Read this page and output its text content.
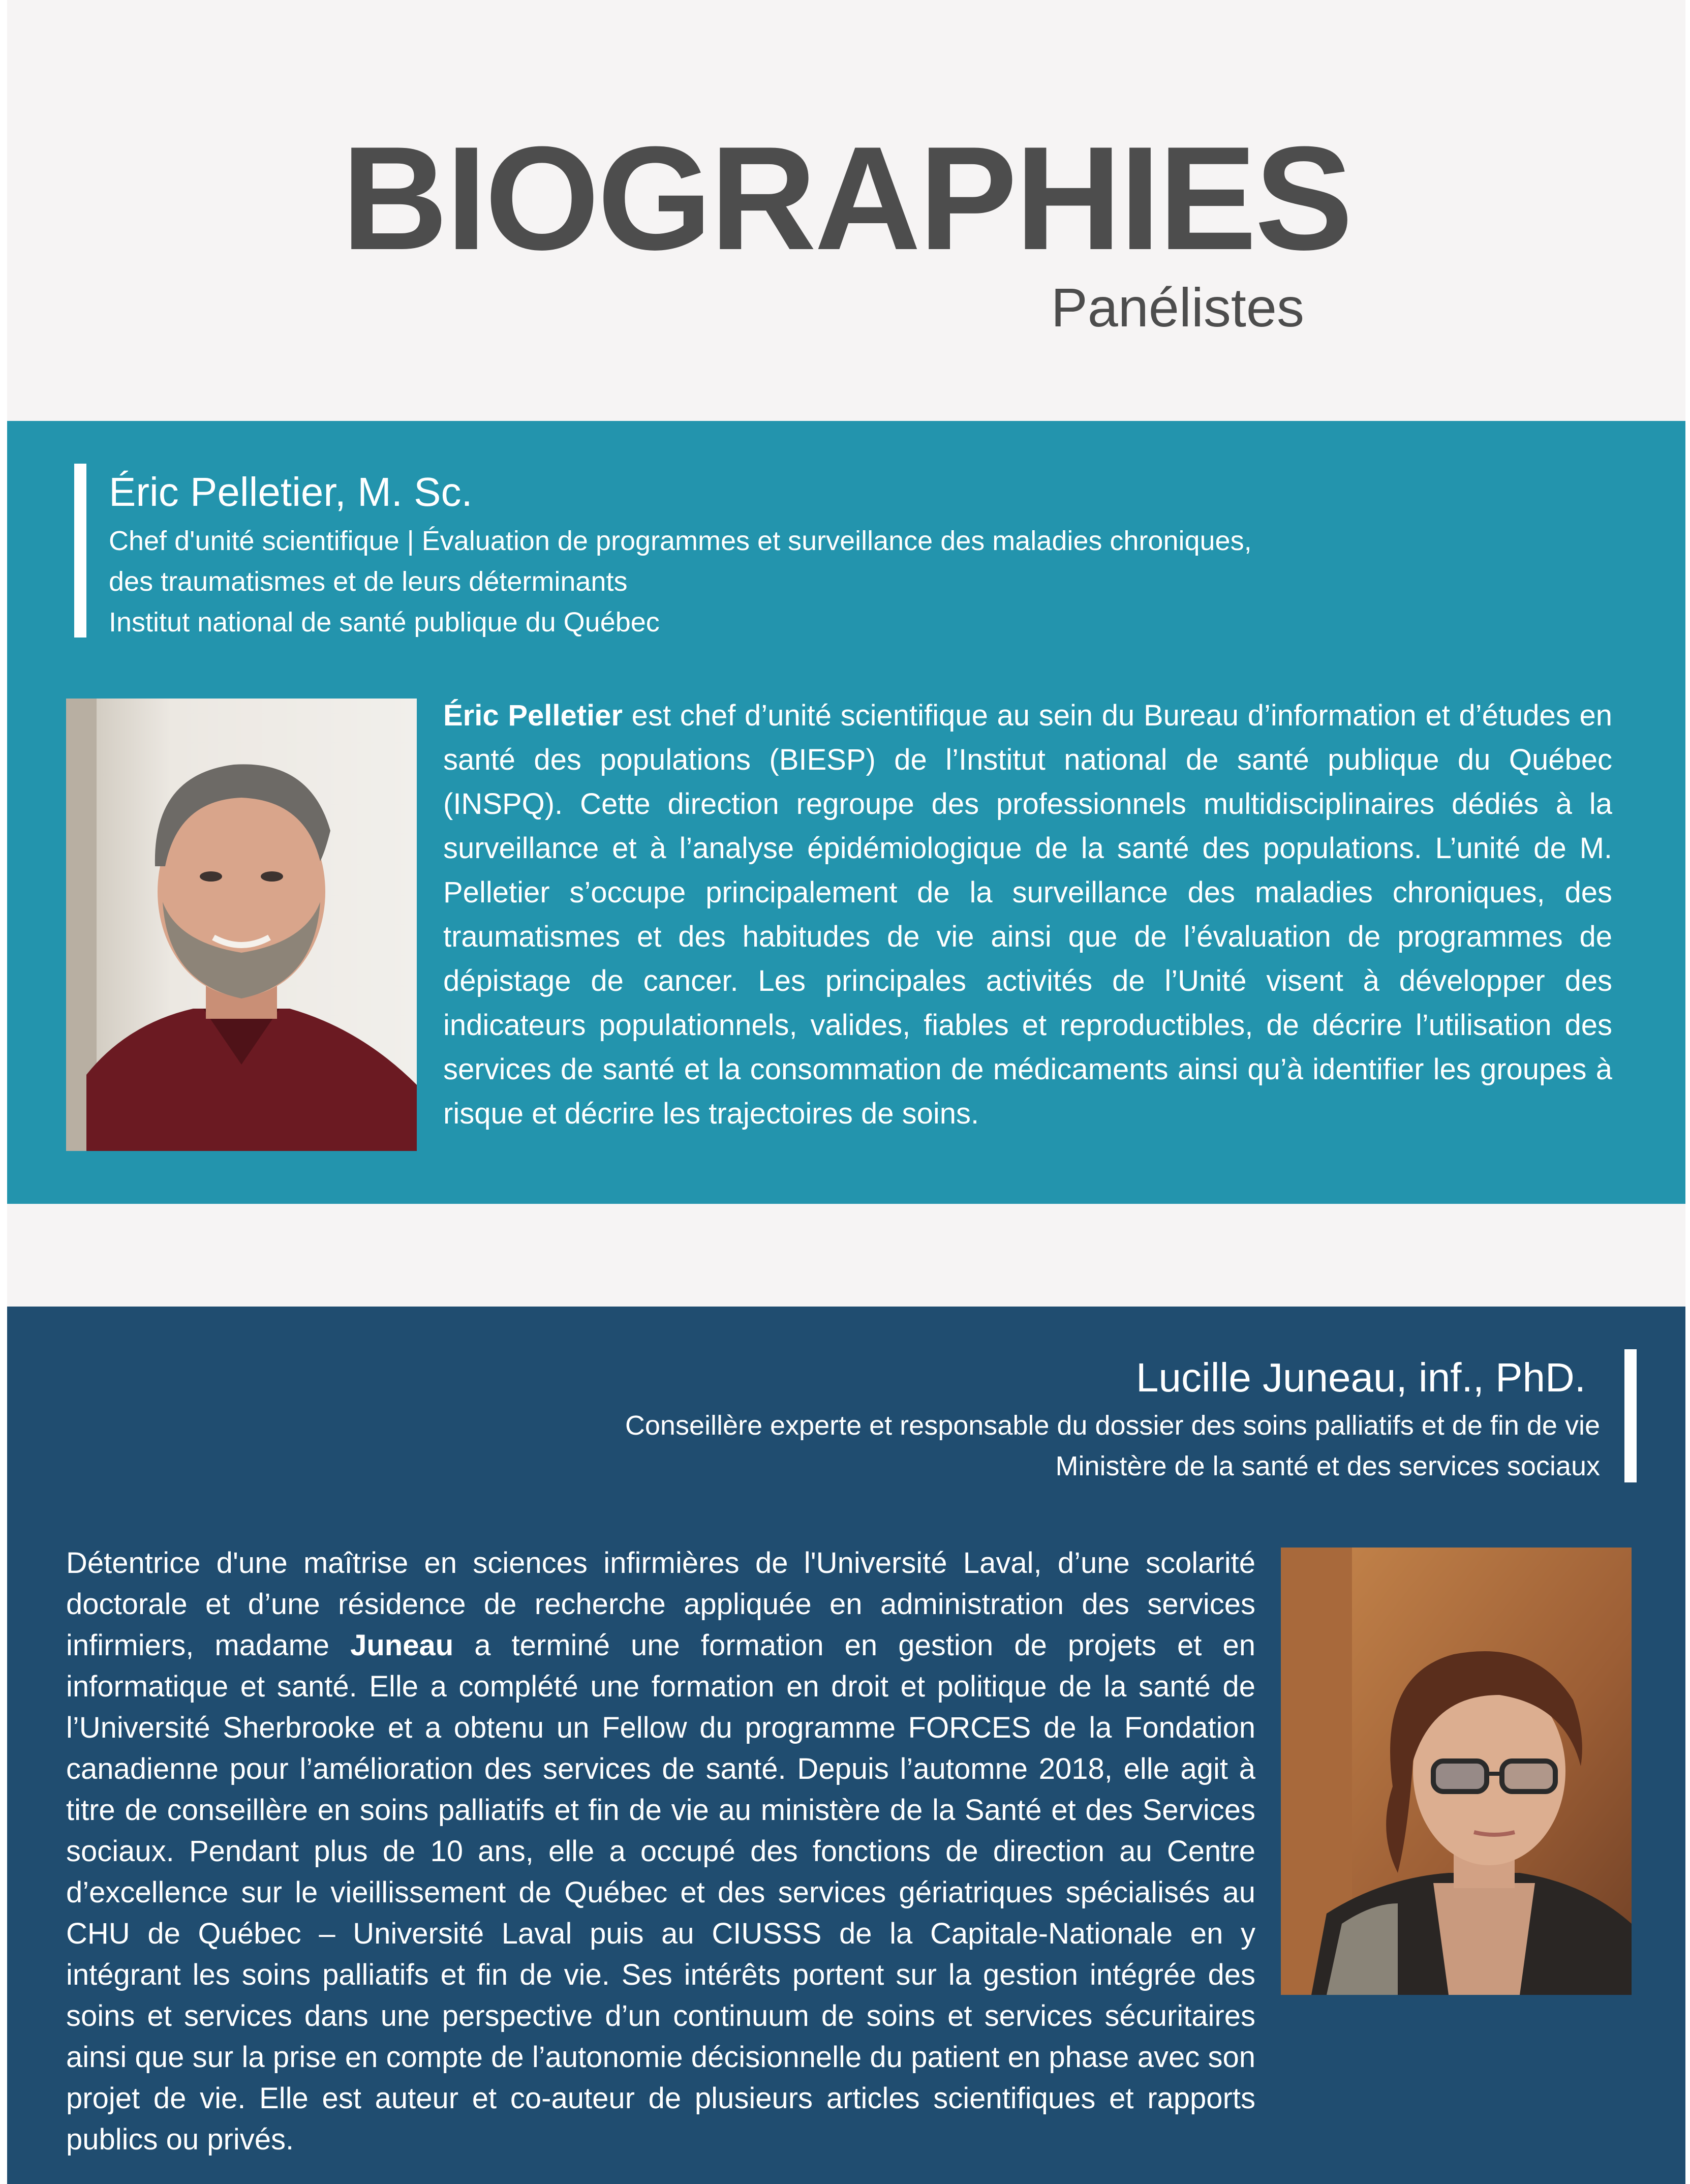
BIOGRAPHIES
Panélistes
Éric Pelletier, M. Sc.
Chef d'unité scientifique | Évaluation de programmes et surveillance des maladies chroniques,
des traumatismes et de leurs déterminants
Institut national de santé publique du Québec
Éric Pelletier est chef d’unité scientifique au sein du Bureau d’information et d’études en santé des populations (BIESP) de l’Institut national de santé publique du Québec (INSPQ). Cette direction regroupe des professionnels multidisciplinaires dédiés à la surveillance et à l’analyse épidémiologique de la santé des populations. L’unité de M. Pelletier s’occupe principalement de la surveillance des maladies chroniques, des traumatismes et des habitudes de vie ainsi que de l’évaluation de programmes de dépistage de cancer. Les principales activités de l’Unité visent à développer des indicateurs populationnels, valides, fiables et reproductibles, de décrire l’utilisation des services de santé et la consommation de médicaments ainsi qu’à identifier les groupes à risque et décrire les trajectoires de soins.
Lucille Juneau, inf., PhD.
Conseillère experte et responsable du dossier des soins palliatifs et de fin de vie
Ministère de la santé et des services sociaux
Détentrice d'une maîtrise en sciences infirmières de l'Université Laval, d’une scolarité doctorale et d’une résidence de recherche appliquée en administration des services infirmiers, madame Juneau a terminé une formation en gestion de projets et en informatique et santé. Elle a complété une formation en droit et politique de la santé de l’Université Sherbrooke et a obtenu un Fellow du programme FORCES de la Fondation canadienne pour l’amélioration des services de santé. Depuis l’automne 2018, elle agit à titre de conseillère en soins palliatifs et fin de vie au ministère de la Santé et des Services sociaux. Pendant plus de 10 ans, elle a occupé des fonctions de direction au Centre d’excellence sur le vieillissement de Québec et des services gériatriques spécialisés au CHU de Québec – Université Laval puis au CIUSSS de la Capitale-Nationale en y intégrant les soins palliatifs et fin de vie. Ses intérêts portent sur la gestion intégrée des soins et services dans une perspective d’un continuum de soins et services sécuritaires ainsi que sur la prise en compte de l’autonomie décisionnelle du patient en phase avec son projet de vie. Elle est auteur et co-auteur de plusieurs articles scientifiques et rapports publics ou privés.
